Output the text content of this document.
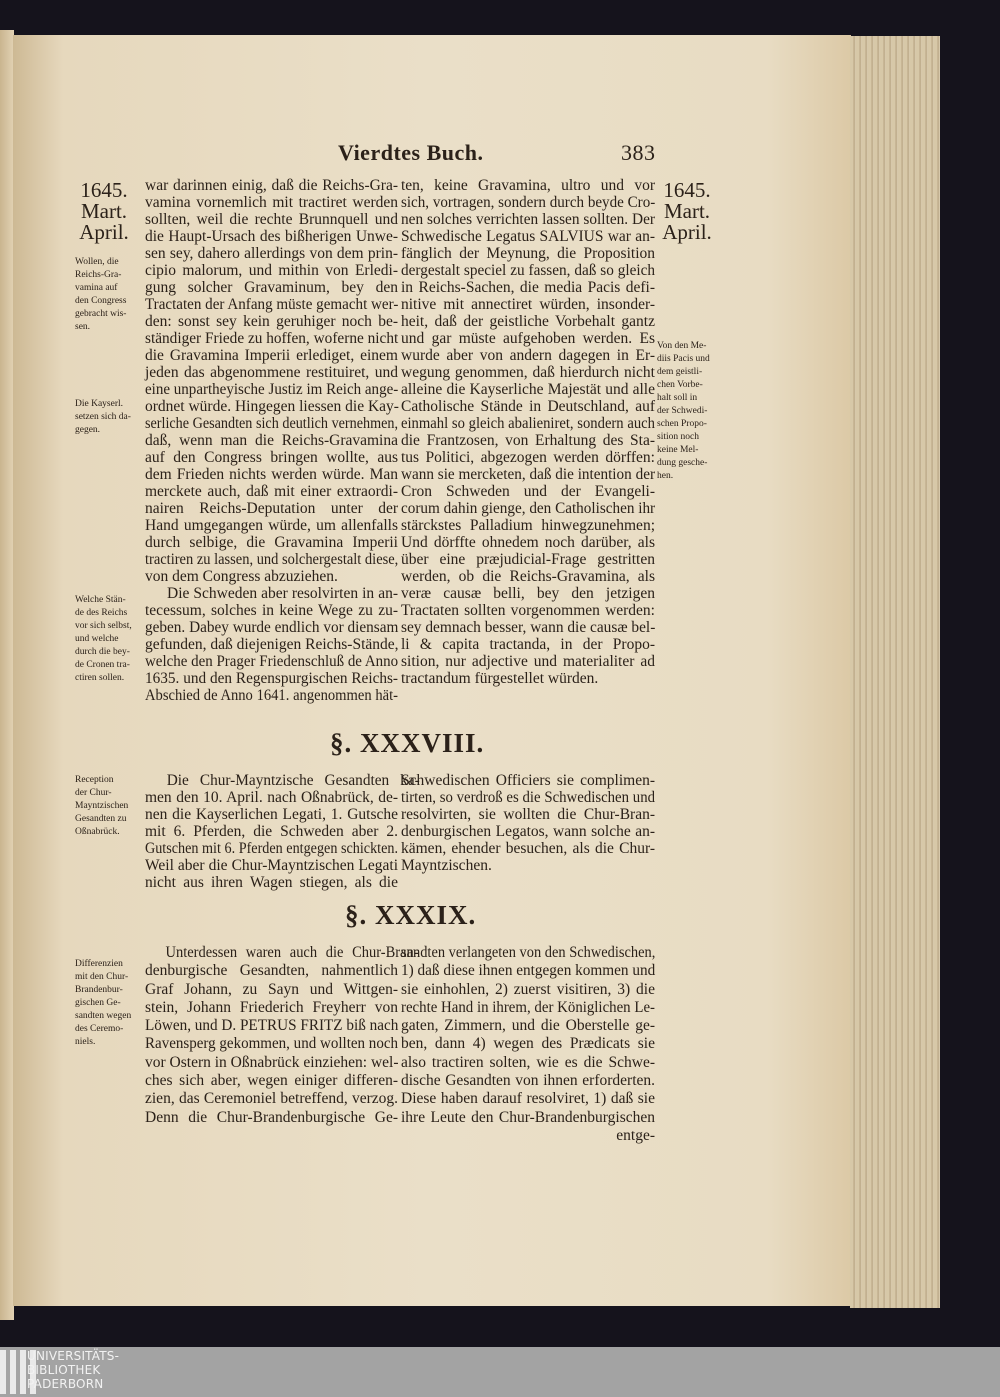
Vierdtes Buch.	383
1645.
Mart.
April.
1645.
Mart.
April.
war darinnen einig, daß die Reichs-Gra-
vamina vornemlich mit tractiret werden
sollten, weil die rechte Brunnquell und
die Haupt-Ursach des bißherigen Unwe-
sen sey, dahero allerdings von dem prin-
cipio malorum, und mithin von Erledi-
gung solcher Gravaminum, bey den
Tractaten der Anfang müste gemacht wer-
den: sonst sey kein geruhiger noch be-
ständiger Friede zu hoffen, woferne nicht
die Gravamina Imperii erlediget, einem
jeden das abgenommene restituiret, und
eine unpartheyische Justiz im Reich ange-
ordnet würde. Hingegen liessen die Kay-
serliche Gesandten sich deutlich vernehmen,
daß, wenn man die Reichs-Gravamina
auf den Congress bringen wollte, aus
dem Frieden nichts werden würde. Man
merckete auch, daß mit einer extraordi-
nairen Reichs-Deputation unter der
Hand umgegangen würde, um allenfalls
durch selbige, die Gravamina Imperii
tractiren zu lassen, und solchergestalt diese,
von dem Congress abzuziehen.
Die Schweden aber resolvirten in an-
tecessum, solches in keine Wege zu zu-
geben. Dabey wurde endlich vor diensam
gefunden, daß diejenigen Reichs-Stände,
welche den Prager Friedenschluß de Anno
1635. und den Regenspurgischen Reichs-
Abschied de Anno 1641. angenommen hät-
ten, keine Gravamina, ultro und vor
sich, vortragen, sondern durch beyde Cro-
nen solches verrichten lassen sollten. Der
Schwedische Legatus SALVIUS war an-
fänglich der Meynung, die Proposition
dergestalt speciel zu fassen, daß so gleich
in Reichs-Sachen, die media Pacis defi-
nitive mit annectiret würden, insonder-
heit, daß der geistliche Vorbehalt gantz
und gar müste aufgehoben werden. Es
wurde aber von andern dagegen in Er-
wegung genommen, daß hierdurch nicht
alleine die Kayserliche Majestät und alle
Catholische Stände in Deutschland, auf
einmahl so gleich abalieniret, sondern auch
die Frantzosen, von Erhaltung des Sta-
tus Politici, abgezogen werden dörffen:
wann sie mercketen, daß die intention der
Cron Schweden und der Evangeli-
corum dahin gienge, den Catholischen ihr
stärckstes Palladium hinwegzunehmen;
Und dörffte ohnedem noch darüber, als
über eine præjudicial-Frage gestritten
werden, ob die Reichs-Gravamina, als
veræ causæ belli, bey den jetzigen
Tractaten sollten vorgenommen werden:
sey demnach besser, wann die causæ bel-
li & capita tractanda, in der Propo-
sition, nur adjective und materialiter ad
tractandum fürgestellet würden.
§. XXXVIII.
Die Chur-Mayntzische Gesandten ka-
men den 10. April. nach Oßnabrück, de-
nen die Kayserlichen Legati, 1. Gutsche
mit 6. Pferden, die Schweden aber 2.
Gutschen mit 6. Pferden entgegen schickten.
Weil aber die Chur-Mayntzischen Legati
nicht aus ihren Wagen stiegen, als die
Schwedischen Officiers sie complimen-
tirten, so verdroß es die Schwedischen und
resolvirten, sie wollten die Chur-Bran-
denburgischen Legatos, wann solche an-
kämen, ehender besuchen, als die Chur-
Mayntzischen.
§. XXXIX.
Unterdessen waren auch die Chur-Bran-
denburgische Gesandten, nahmentlich
Graf Johann, zu Sayn und Wittgen-
stein, Johann Friederich Freyherr von
Löwen, und D. PETRUS FRITZ biß nach
Ravensperg gekommen, und wollten noch
vor Ostern in Oßnabrück einziehen: wel-
ches sich aber, wegen einiger differen-
zien, das Ceremoniel betreffend, verzog.
Denn die Chur-Brandenburgische Ge-
sandten verlangeten von den Schwedischen,
1) daß diese ihnen entgegen kommen und
sie einhohlen, 2) zuerst visitiren, 3) die
rechte Hand in ihrem, der Königlichen Le-
gaten, Zimmern, und die Oberstelle ge-
ben, dann 4) wegen des Prædicats sie
also tractiren solten, wie es die Schwe-
dische Gesandten von ihnen erforderten.
Diese haben darauf resolviret, 1) daß sie
ihre Leute den Chur-Brandenburgischen
entge-
Wollen, die
Reichs-Gra-
vamina auf
den Congress
gebracht wis-
sen.
Die Kayserl.
setzen sich da-
gegen.
Welche Stän-
de des Reichs
vor sich selbst,
und welche
durch die bey-
de Cronen tra-
ctiren sollen.
Von den Me-
diis Pacis und
dem geistli-
chen Vorbe-
halt soll in
der Schwedi-
schen Propo-
sition noch
keine Mel-
dung gesche-
hen.
Reception
der Chur-
Mayntzischen
Gesandten zu
Oßnabrück.
Differenzien
mit den Chur-
Brandenbur-
gischen Ge-
sandten wegen
des Ceremo-
niels.
UNIVERSITÄTS-
BIBLIOTHEK
PADERBORN
